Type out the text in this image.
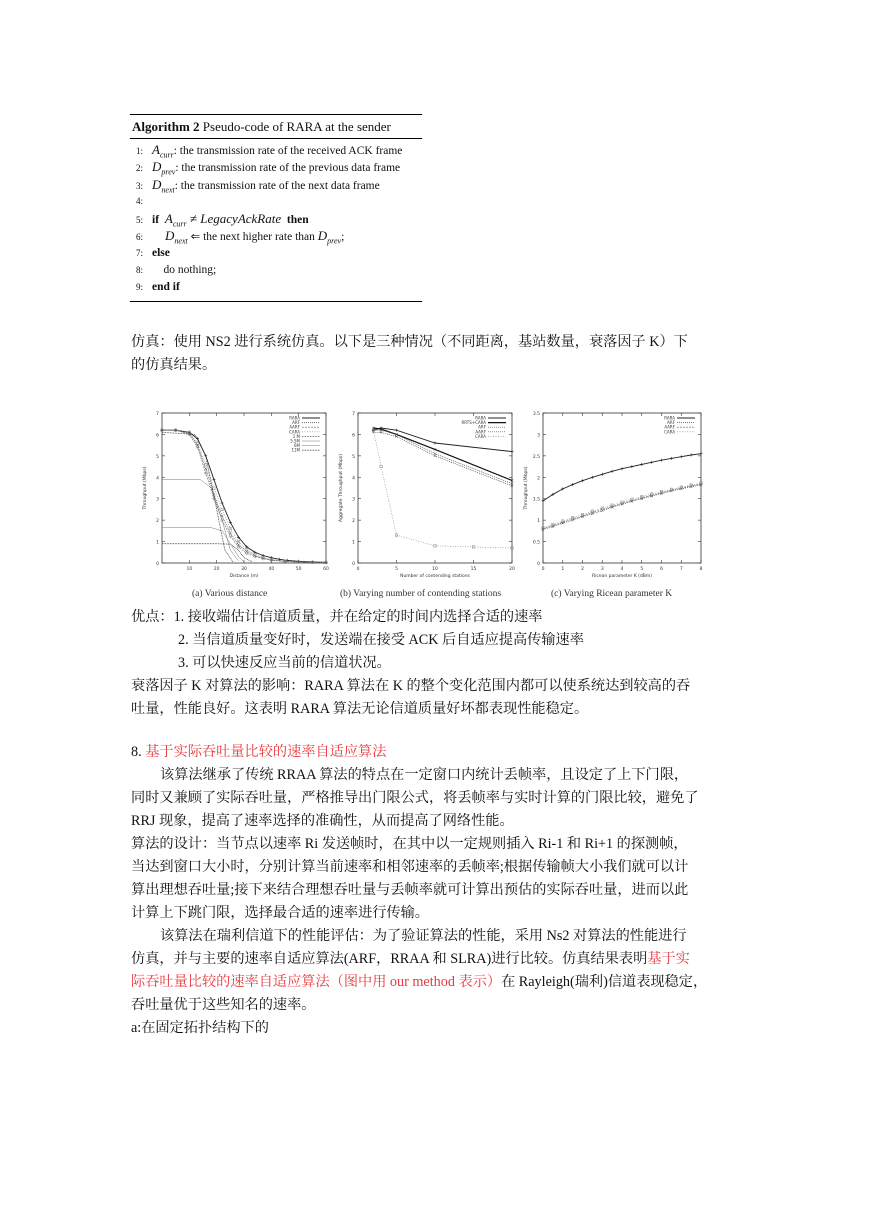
Algorithm 2 Pseudo-code of RARA at the sender
1: $A_{curr}$: the transmission rate of the received ACK frame
2: $D_{prev}$: the transmission rate of the previous data frame
3: $D_{next}$: the transmission rate of the next data frame
4:
5: if  $A_{curr}$ ≠ LegacyAckRate  then
6:    $D_{next}$ ⇐ the next higher rate than $D_{prev}$;
7: else
8:    do nothing;
9: end if
仿真：使用 NS2 进行系统仿真。以下是三种情况（不同距离，基站数量，衰落因子 K）下
的仿真结果。
0
1
2
3
4
5
6
7
10	20	30	40	50	60
Distance (m)
Throughput (Mbps)
RARA
ARF
AARF
CARA
1 M
5.5M
6M
11M
0
1
2
3
4
5
6
7
0	5	10	15	20
Number of contending stations
Aggregate Throughput (Mbps)
RARA
RRTS+CARA
ARF
AARF
CARA
0
0.5
1
1.5
2
2.5
3
3.5
0	1	2	3	4	5	6	7	8
Ricean parameter K (dBm)
Throughput (Mbps)
RARA
ARF
AARF
CARA
(a) Various distance	(b) Varying number of contending stations	(c) Varying Ricean parameter K
优点：1. 接收端估计信道质量，并在给定的时间内选择合适的速率
2. 当信道质量变好时，发送端在接受 ACK 后自适应提高传输速率
3. 可以快速反应当前的信道状况。
衰落因子 K 对算法的影响：RARA 算法在 K 的整个变化范围内都可以使系统达到较高的吞
吐量，性能良好。这表明 RARA 算法无论信道质量好坏都表现性能稳定。
8. 基于实际吞吐量比较的速率自适应算法
该算法继承了传统 RRAA 算法的特点在一定窗口内统计丢帧率，且设定了上下门限，
同时又兼顾了实际吞吐量，严格推导出门限公式，将丢帧率与实时计算的门限比较，避免了
RRJ 现象，提高了速率选择的准确性，从而提高了网络性能。
算法的设计：当节点以速率 Ri 发送帧时，在其中以一定规则插入 Ri-1 和 Ri+1 的探测帧，
当达到窗口大小时，分别计算当前速率和相邻速率的丢帧率;根据传输帧大小我们就可以计
算出理想吞吐量;接下来结合理想吞吐量与丢帧率就可计算出预估的实际吞吐量，进而以此
计算上下跳门限，选择最合适的速率进行传输。
该算法在瑞利信道下的性能评估：为了验证算法的性能，采用 Ns2 对算法的性能进行
仿真，并与主要的速率自适应算法(ARF，RRAA 和 SLRA)进行比较。仿真结果表明基于实
际吞吐量比较的速率自适应算法（图中用 our method 表示）在 Rayleigh(瑞利)信道表现稳定，
吞吐量优于这些知名的速率。
a:在固定拓扑结构下的
